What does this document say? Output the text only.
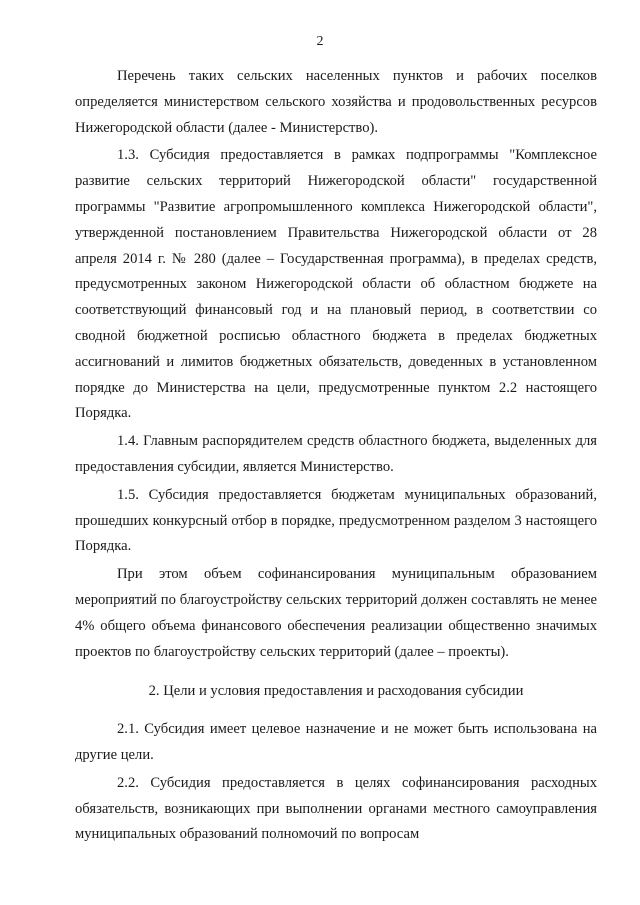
2

Перечень таких сельских населенных пунктов и рабочих поселков определяется министерством сельского хозяйства и продовольственных ресурсов Нижегородской области (далее - Министерство).

1.3. Субсидия предоставляется в рамках подпрограммы "Комплексное развитие сельских территорий Нижегородской области" государственной программы "Развитие агропромышленного комплекса Нижегородской области", утвержденной постановлением Правительства Нижегородской области от 28 апреля 2014 г. № 280 (далее – Государственная программа), в пределах средств, предусмотренных законом Нижегородской области об областном бюджете на соответствующий финансовый год и на плановый период, в соответствии со сводной бюджетной росписью областного бюджета в пределах бюджетных ассигнований и лимитов бюджетных обязательств, доведенных в установленном порядке до Министерства на цели, предусмотренные пунктом 2.2 настоящего Порядка.

1.4. Главным распорядителем средств областного бюджета, выделенных для предоставления субсидии, является Министерство.

1.5. Субсидия предоставляется бюджетам муниципальных образований, прошедших конкурсный отбор в порядке, предусмотренном разделом 3 настоящего Порядка.

При этом объем софинансирования муниципальным образованием мероприятий по благоустройству сельских территорий должен составлять не менее 4% общего объема финансового обеспечения реализации общественно значимых проектов по благоустройству сельских территорий (далее – проекты).

2. Цели и условия предоставления и расходования субсидии

2.1. Субсидия имеет целевое назначение и не может быть использована на другие цели.

2.2. Субсидия предоставляется в целях софинансирования расходных обязательств, возникающих при выполнении органами местного самоуправления муниципальных образований полномочий по вопросам
